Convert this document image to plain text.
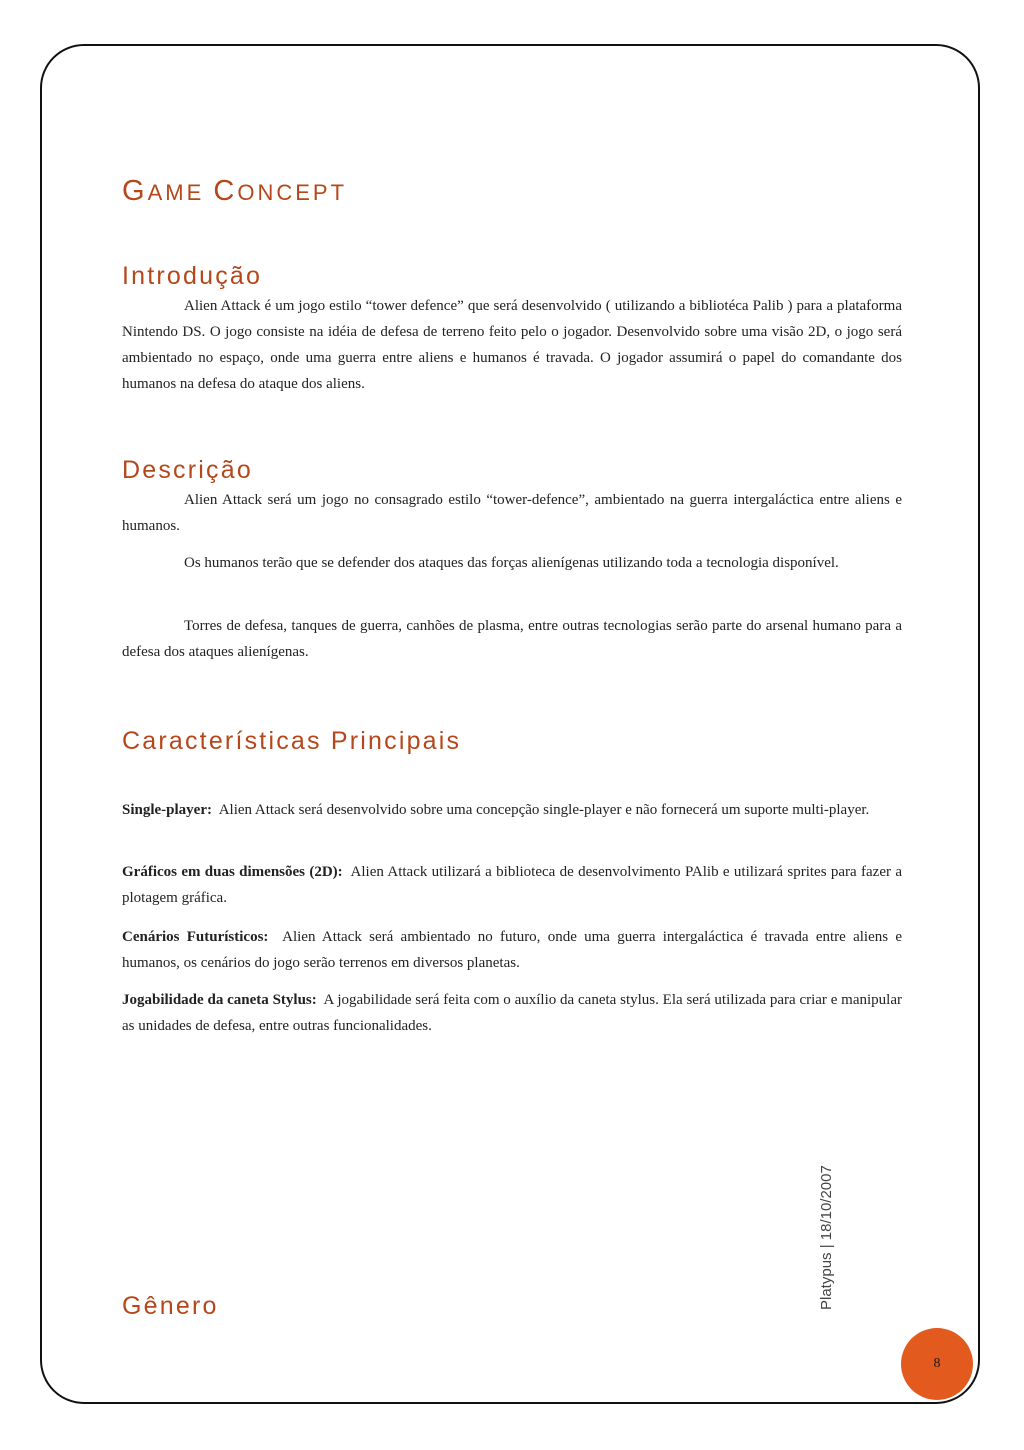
GAME CONCEPT
Introdução

Alien Attack é um jogo estilo “tower defence” que será desenvolvido ( utilizando a bibliotéca Palib ) para a plataforma Nintendo DS. O jogo consiste na idéia de defesa de terreno feito pelo o jogador. Desenvolvido sobre uma visão 2D, o jogo será ambientado no espaço, onde uma guerra entre aliens e humanos é travada. O jogador assumirá o papel do comandante dos humanos na defesa do ataque dos aliens.

Descrição

Alien Attack será um jogo no consagrado estilo “tower-defence”, ambientado na guerra intergaláctica entre aliens e humanos.

Os humanos terão que se defender dos ataques das forças alienígenas utilizando toda a tecnologia disponível.

Torres de defesa, tanques de guerra, canhões de plasma, entre outras tecnologias serão parte do arsenal humano para a defesa dos ataques alienígenas.

Características Principais

Single-player: Alien Attack será desenvolvido sobre uma concepção single-player e não fornecerá um suporte multi-player.

Gráficos em duas dimensões (2D): Alien Attack utilizará a biblioteca de desenvolvimento PAlib e utilizará sprites para fazer a plotagem gráfica.

Cenários Futurísticos: Alien Attack será ambientado no futuro, onde uma guerra intergaláctica é travada entre aliens e humanos, os cenários do jogo serão terrenos em diversos planetas.

Jogabilidade da caneta Stylus: A jogabilidade será feita com o auxílio da caneta stylus. Ela será utilizada para criar e manipular as unidades de defesa, entre outras funcionalidades.

Gênero	Platypus | 18/10/2007
8
